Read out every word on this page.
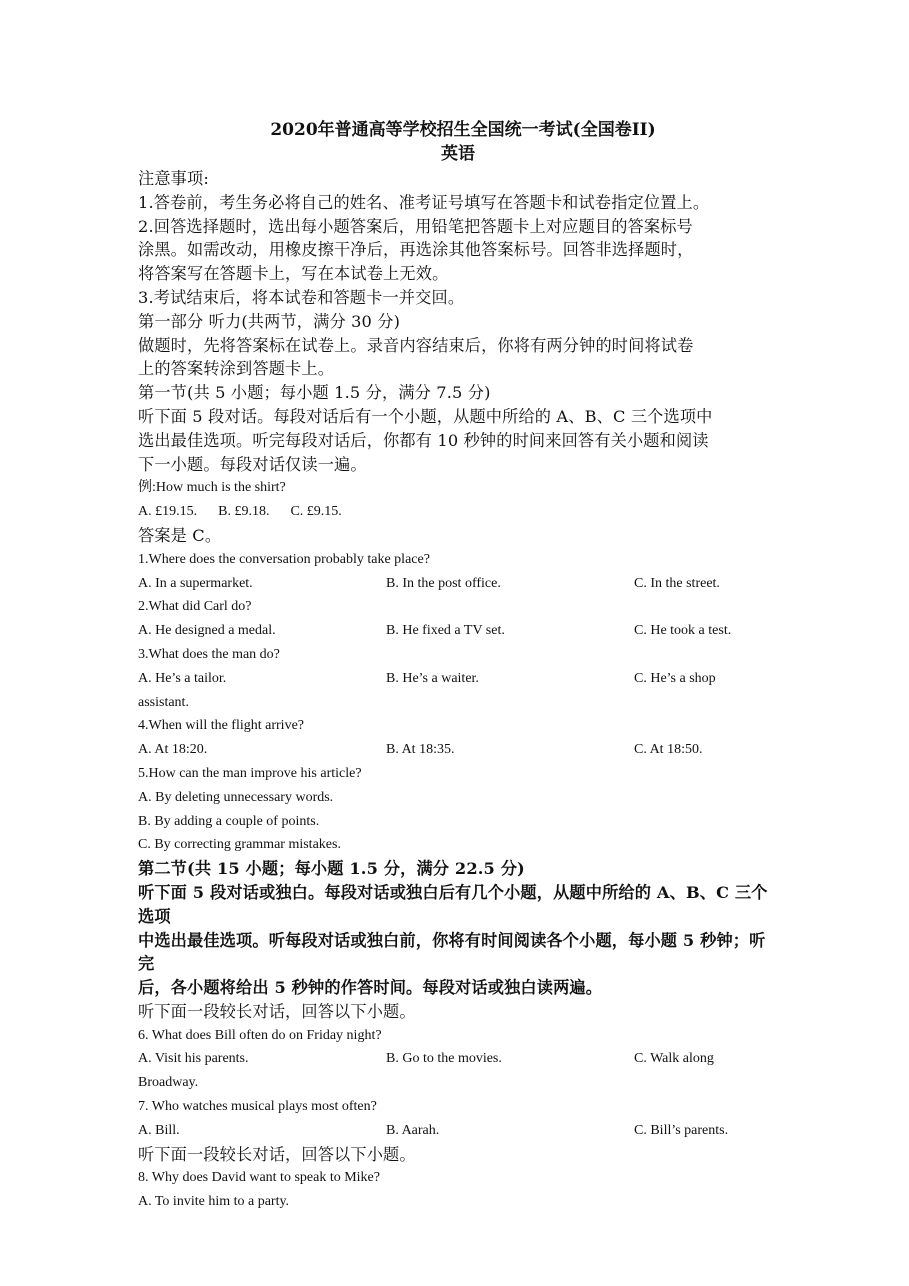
2020年普通高等学校招生全国统一考试(全国卷II)
英语
注意事项:
1.答卷前，考生务必将自己的姓名、准考证号填写在答题卡和试卷指定位置上。
2.回答选择题时，选出每小题答案后，用铅笔把答题卡上对应题目的答案标号
涂黑。如需改动，用橡皮擦干净后，再选涂其他答案标号。回答非选择题时，
将答案写在答题卡上，写在本试卷上无效。
3.考试结束后，将本试卷和答题卡一并交回。
第一部分 听力(共两节，满分 30 分)
做题时，先将答案标在试卷上。录音内容结束后，你将有两分钟的时间将试卷
上的答案转涂到答题卡上。
第一节(共 5 小题；每小题 1.5 分，满分 7.5 分)
听下面 5 段对话。每段对话后有一个小题，从题中所给的 A、B、C 三个选项中
选出最佳选项。听完每段对话后，你都有 10 秒钟的时间来回答有关小题和阅读
下一小题。每段对话仅读一遍。
例:How much is the shirt?
A. £19.15.      B. £9.18.      C. £9.15.
答案是 C。
1.Where does the conversation probably take place?
A. In a supermarket.	B. In the post office.	C. In the street.
2.What did Carl do?
A. He designed a medal.	B. He fixed a TV set.	C. He took a test.
3.What does the man do?
A. He’s a tailor.	B. He’s a waiter.	C. He’s a shop
assistant.
4.When will the flight arrive?
A. At 18:20.	B. At 18:35.	C. At 18:50.
5.How can the man improve his article?
A. By deleting unnecessary words.
B. By adding a couple of points.
C. By correcting grammar mistakes.
第二节(共 15 小题；每小题 1.5 分，满分 22.5 分)
听下面 5 段对话或独白。每段对话或独白后有几个小题，从题中所给的 A、B、C 三个选项
中选出最佳选项。听每段对话或独白前，你将有时间阅读各个小题，每小题 5 秒钟；听完
后，各小题将给出 5 秒钟的作答时间。每段对话或独白读两遍。
听下面一段较长对话，回答以下小题。
6. What does Bill often do on Friday night?
A. Visit his parents.	B. Go to the movies.	C. Walk along
Broadway.
7. Who watches musical plays most often?
A. Bill.	B. Aarah.	C. Bill’s parents.
听下面一段较长对话，回答以下小题。
8. Why does David want to speak to Mike?
A. To invite him to a party.
